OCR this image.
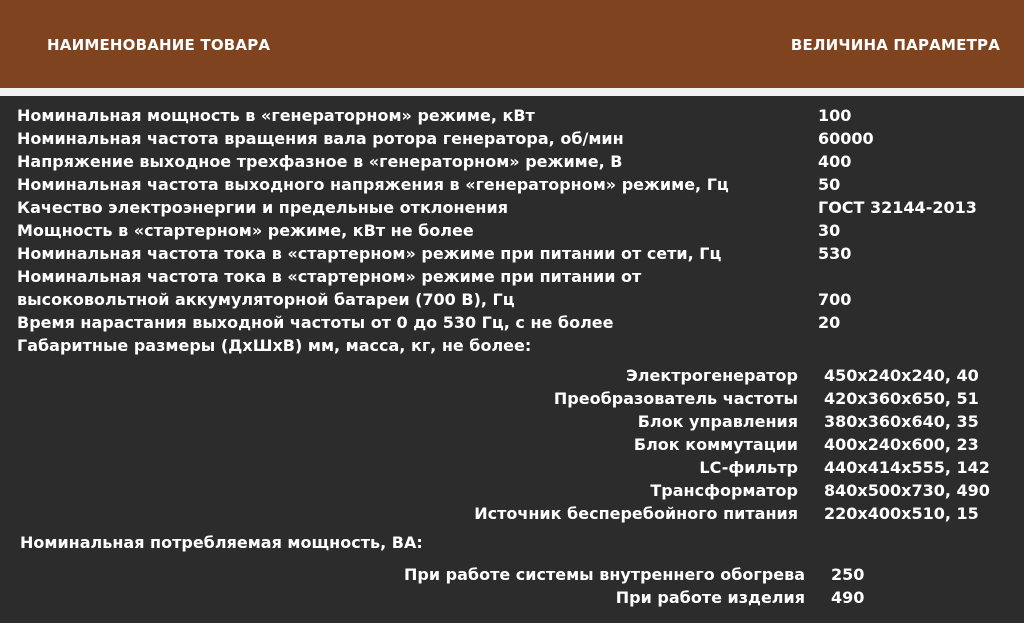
НАИМЕНОВАНИЕ ТОВАРА	ВЕЛИЧИНА ПАРАМЕТРА
Номинальная мощность в «генераторном» режиме, кВт	100
Номинальная частота вращения вала ротора генератора, об/мин	60000
Напряжение выходное трехфазное в «генераторном» режиме, В	400
Номинальная частота выходного напряжения в «генераторном» режиме, Гц	50
Качество электроэнергии и предельные отклонения	ГОСТ 32144-2013
Мощность в «стартерном» режиме, кВт не более	30
Номинальная частота тока в «стартерном» режиме при питании от сети, Гц	530
Номинальная частота тока в «стартерном» режиме при питании от
высоковольтной аккумуляторной батареи (700 В), Гц	700
Время нарастания выходной частоты от 0 до 530 Гц, с не более	20
Габаритные размеры (ДхШхВ) мм, масса, кг, не более:
Электрогенератор 450x240x240, 40
Преобразователь частоты 420x360x650, 51
Блок управления 380x360x640, 35
Блок коммутации 400x240x600, 23
LC-фильтр 440x414x555, 142
Трансформатор 840x500x730, 490
Источник бесперебойного питания 220x400x510, 15
Номинальная потребляемая мощность, ВА:
При работе системы внутреннего обогрева 250
При работе изделия 490
